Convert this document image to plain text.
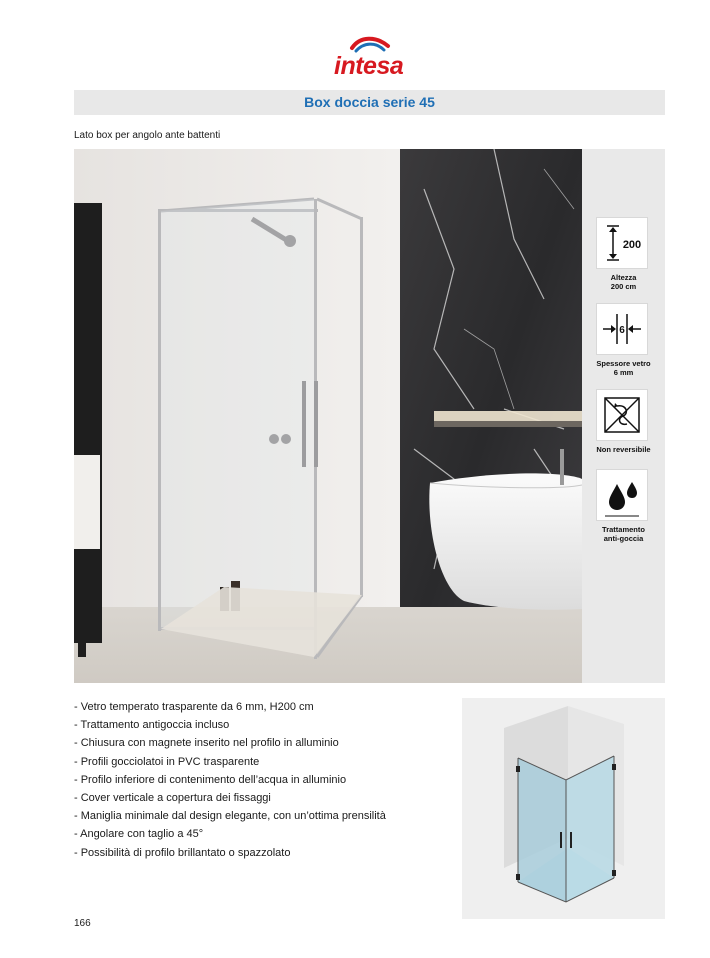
intesa
Box doccia serie 45
Lato box per angolo ante battenti
200
Altezza
200 cm
6
Spessore vetro
6 mm
Non reversibile
Trattamento
anti-goccia
- Vetro temperato trasparente da 6 mm, H200 cm
- Trattamento antigoccia incluso
- Chiusura con magnete inserito nel profilo in alluminio
- Profili gocciolatoi in PVC trasparente
- Profilo inferiore di contenimento dell’acqua in alluminio
- Cover verticale a copertura dei fissaggi
- Maniglia minimale dal design elegante, con un’ottima prensilità
- Angolare con taglio a 45°
- Possibilità di profilo brillantato o spazzolato
166
